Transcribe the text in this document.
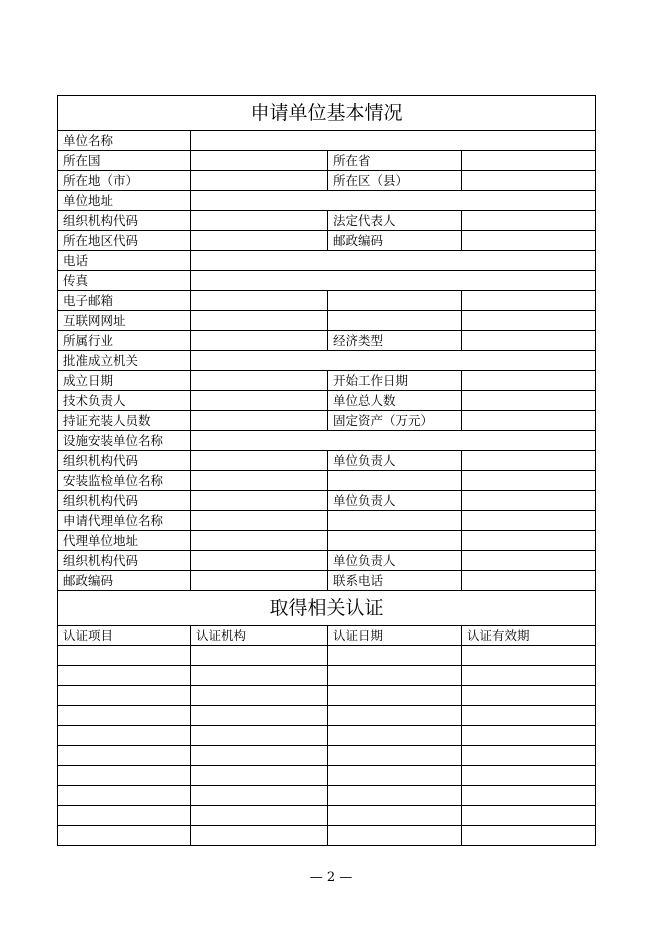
申请单位基本情况			
单位名称			
所在国		所在省	
所在地（市）		所在区（县）	
单位地址			
组织机构代码		法定代表人	
所在地区代码		邮政编码	
电话			
传真			
电子邮箱			
互联网网址			
所属行业		经济类型	
批准成立机关			
成立日期		开始工作日期	
技术负责人		单位总人数	
持证充装人员数		固定资产（万元）	
设施安装单位名称			
组织机构代码		单位负责人	
安装监检单位名称			
组织机构代码		单位负责人	
申请代理单位名称			
代理单位地址			
组织机构代码		单位负责人	
邮政编码		联系电话	
取得相关认证			
认证项目	认证机构	认证日期	认证有效期

— 2 —
